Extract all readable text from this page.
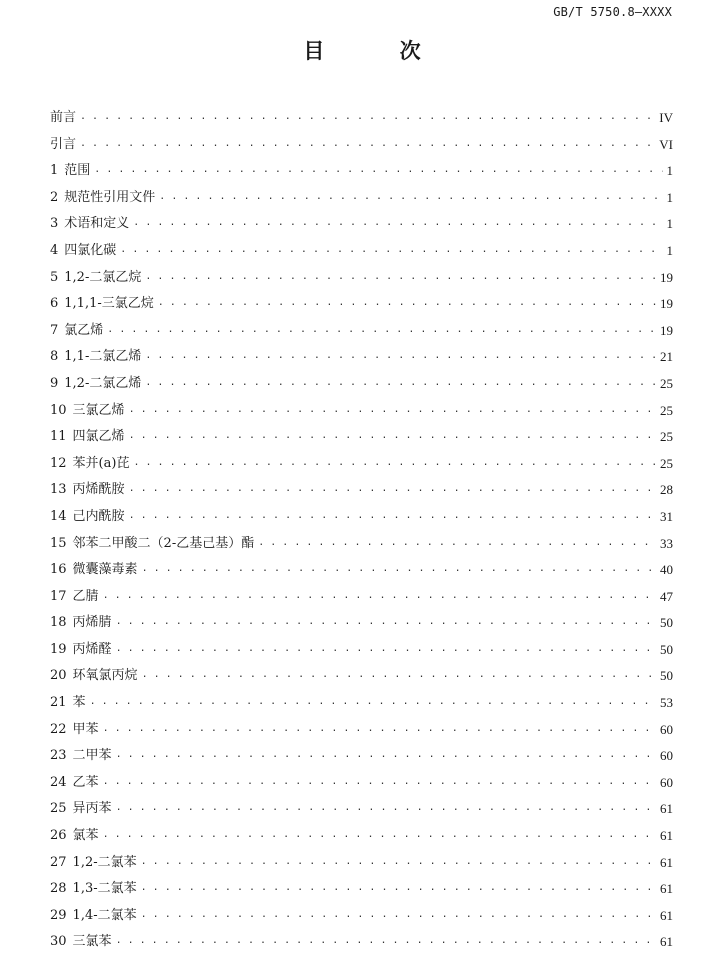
GB/T 5750.8—XXXX
目 次
前言 . . .	IV
引言 . . .	VI
1 范围 . . .	1
2 规范性引用文件 . . .	1
3 术语和定义 . . .	1
4 四氯化碳 . . .	1
5 1,2-二氯乙烷 . . .	19
6 1,1,1-三氯乙烷 . . .	19
7 氯乙烯 . . .	19
8 1,1-二氯乙烯 . . .	21
9 1,2-二氯乙烯 . . .	25
10 三氯乙烯 . . .	25
11 四氯乙烯 . . .	25
12 苯并(a)芘 . . .	25
13 丙烯酰胺 . . .	28
14 己内酰胺 . . .	31
15 邻苯二甲酸二（2-乙基己基）酯 . . .	33
16 微囊藻毒素 . . .	40
17 乙腈 . . .	47
18 丙烯腈 . . .	50
19 丙烯醛 . . .	50
20 环氧氯丙烷 . . .	50
21 苯 . . .	53
22 甲苯 . . .	60
23 二甲苯 . . .	60
24 乙苯 . . .	60
25 异丙苯 . . .	61
26 氯苯 . . .	61
27 1,2-二氯苯 . . .	61
28 1,3-二氯苯 . . .	61
29 1,4-二氯苯 . . .	61
30 三氯苯 . . .	61
